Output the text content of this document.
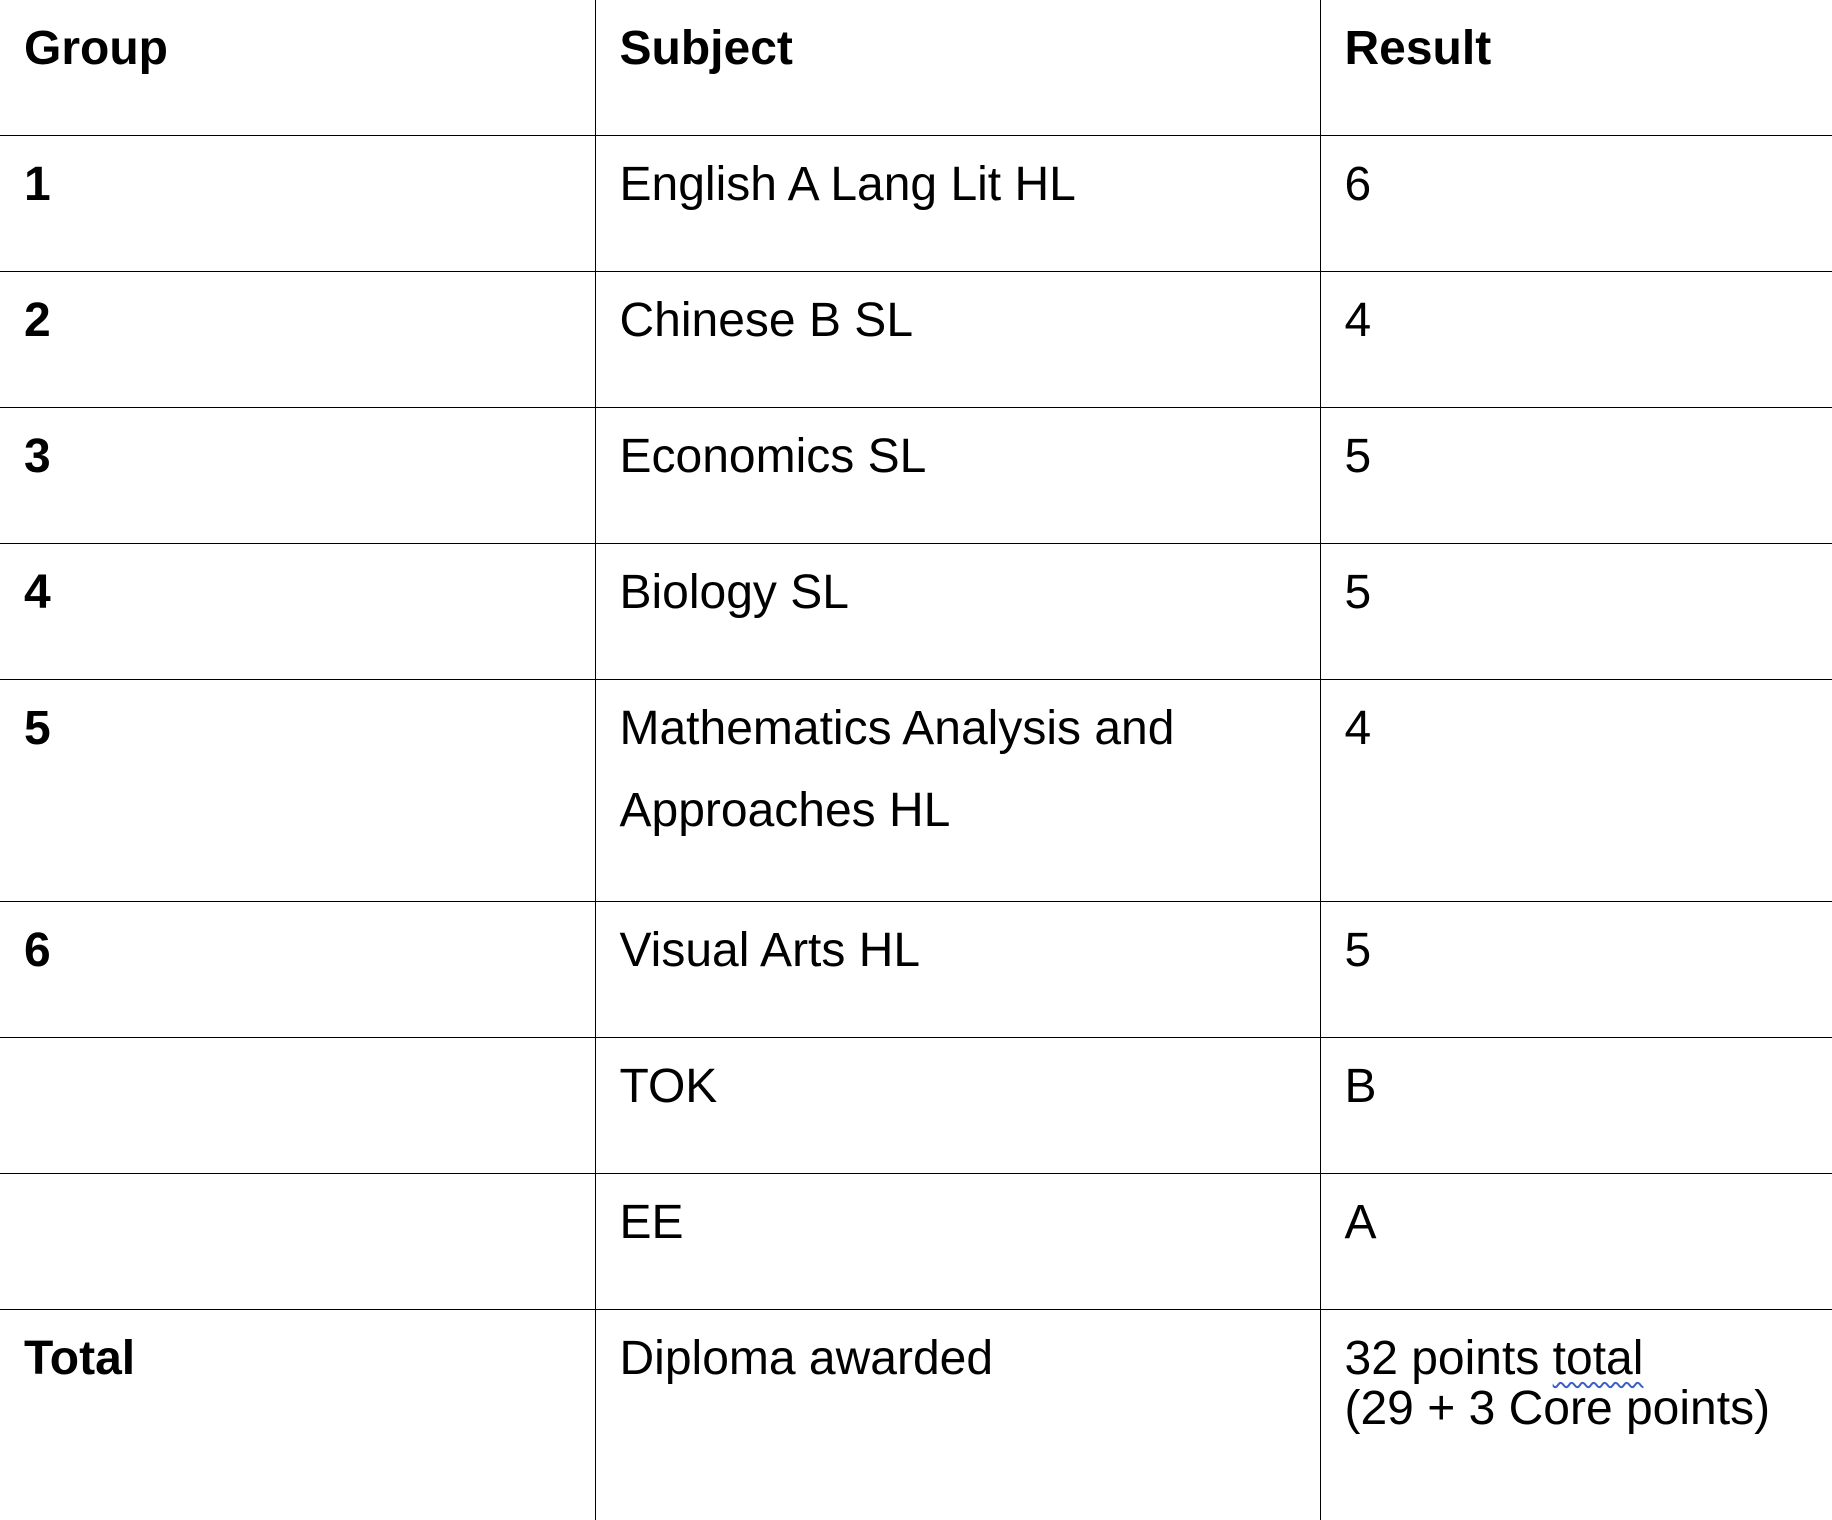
Group	Subject	Result
1	English A Lang Lit HL	6
2	Chinese B SL	4
3	Economics SL	5
4	Biology SL	5
5	Mathematics Analysis and Approaches HL	4
6	Visual Arts HL	5
	TOK	B
	EE	A
Total	Diploma awarded	32 points total
(29 + 3 Core points)
